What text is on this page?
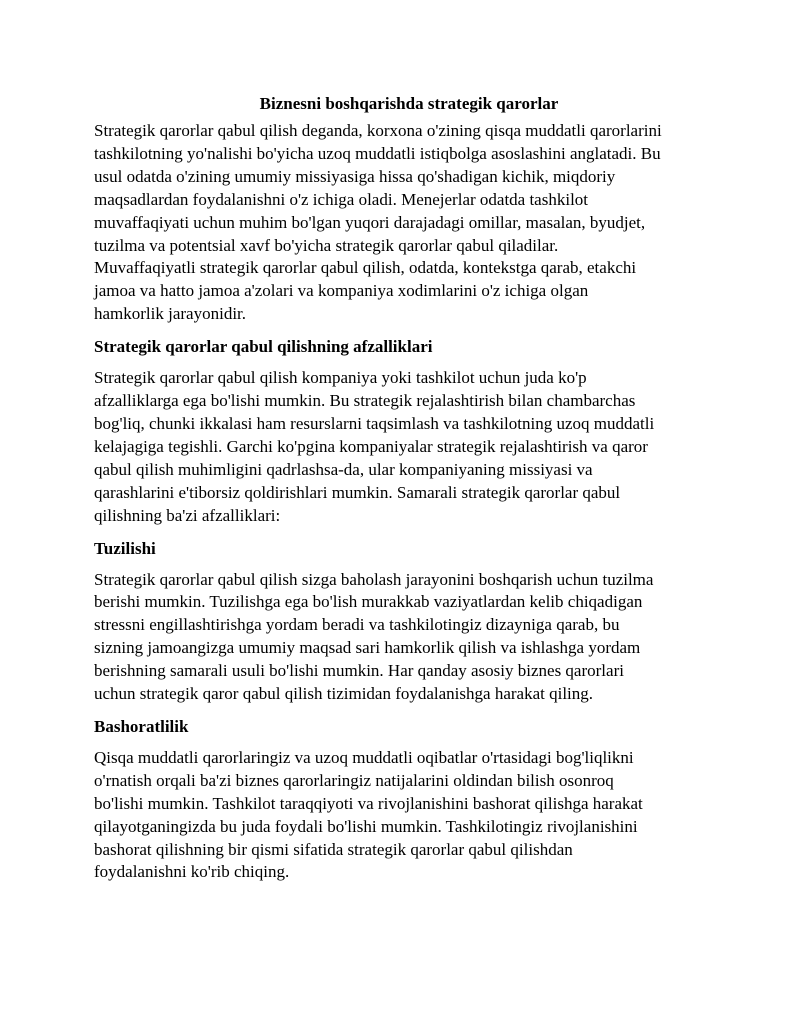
Biznesni boshqarishda strategik qarorlar

Strategik qarorlar qabul qilish deganda, korxona o'zining qisqa muddatli qarorlarini
tashkilotning yo'nalishi bo'yicha uzoq muddatli istiqbolga asoslashini anglatadi. Bu
usul odatda o'zining umumiy missiyasiga hissa qo'shadigan kichik, miqdoriy
maqsadlardan foydalanishni o'z ichiga oladi. Menejerlar odatda tashkilot
muvaffaqiyati uchun muhim bo'lgan yuqori darajadagi omillar, masalan, byudjet,
tuzilma va potentsial xavf bo'yicha strategik qarorlar qabul qiladilar.
Muvaffaqiyatli strategik qarorlar qabul qilish, odatda, kontekstga qarab, etakchi
jamoa va hatto jamoa a'zolari va kompaniya xodimlarini o'z ichiga olgan
hamkorlik jarayonidir.

Strategik qarorlar qabul qilishning afzalliklari

Strategik qarorlar qabul qilish kompaniya yoki tashkilot uchun juda ko'p
afzalliklarga ega bo'lishi mumkin. Bu strategik rejalashtirish bilan chambarchas
bog'liq, chunki ikkalasi ham resurslarni taqsimlash va tashkilotning uzoq muddatli
kelajagiga tegishli. Garchi ko'pgina kompaniyalar strategik rejalashtirish va qaror
qabul qilish muhimligini qadrlashsa-da, ular kompaniyaning missiyasi va
qarashlarini e'tiborsiz qoldirishlari mumkin. Samarali strategik qarorlar qabul
qilishning ba'zi afzalliklari:

Tuzilishi

Strategik qarorlar qabul qilish sizga baholash jarayonini boshqarish uchun tuzilma
berishi mumkin. Tuzilishga ega bo'lish murakkab vaziyatlardan kelib chiqadigan
stressni engillashtirishga yordam beradi va tashkilotingiz dizayniga qarab, bu
sizning jamoangizga umumiy maqsad sari hamkorlik qilish va ishlashga yordam
berishning samarali usuli bo'lishi mumkin. Har qanday asosiy biznes qarorlari
uchun strategik qaror qabul qilish tizimidan foydalanishga harakat qiling.

Bashoratlilik

Qisqa muddatli qarorlaringiz va uzoq muddatli oqibatlar o'rtasidagi bog'liqlikni
o'rnatish orqali ba'zi biznes qarorlaringiz natijalarini oldindan bilish osonroq
bo'lishi mumkin. Tashkilot taraqqiyoti va rivojlanishini bashorat qilishga harakat
qilayotganingizda bu juda foydali bo'lishi mumkin. Tashkilotingiz rivojlanishini
bashorat qilishning bir qismi sifatida strategik qarorlar qabul qilishdan
foydalanishni ko'rib chiqing.
